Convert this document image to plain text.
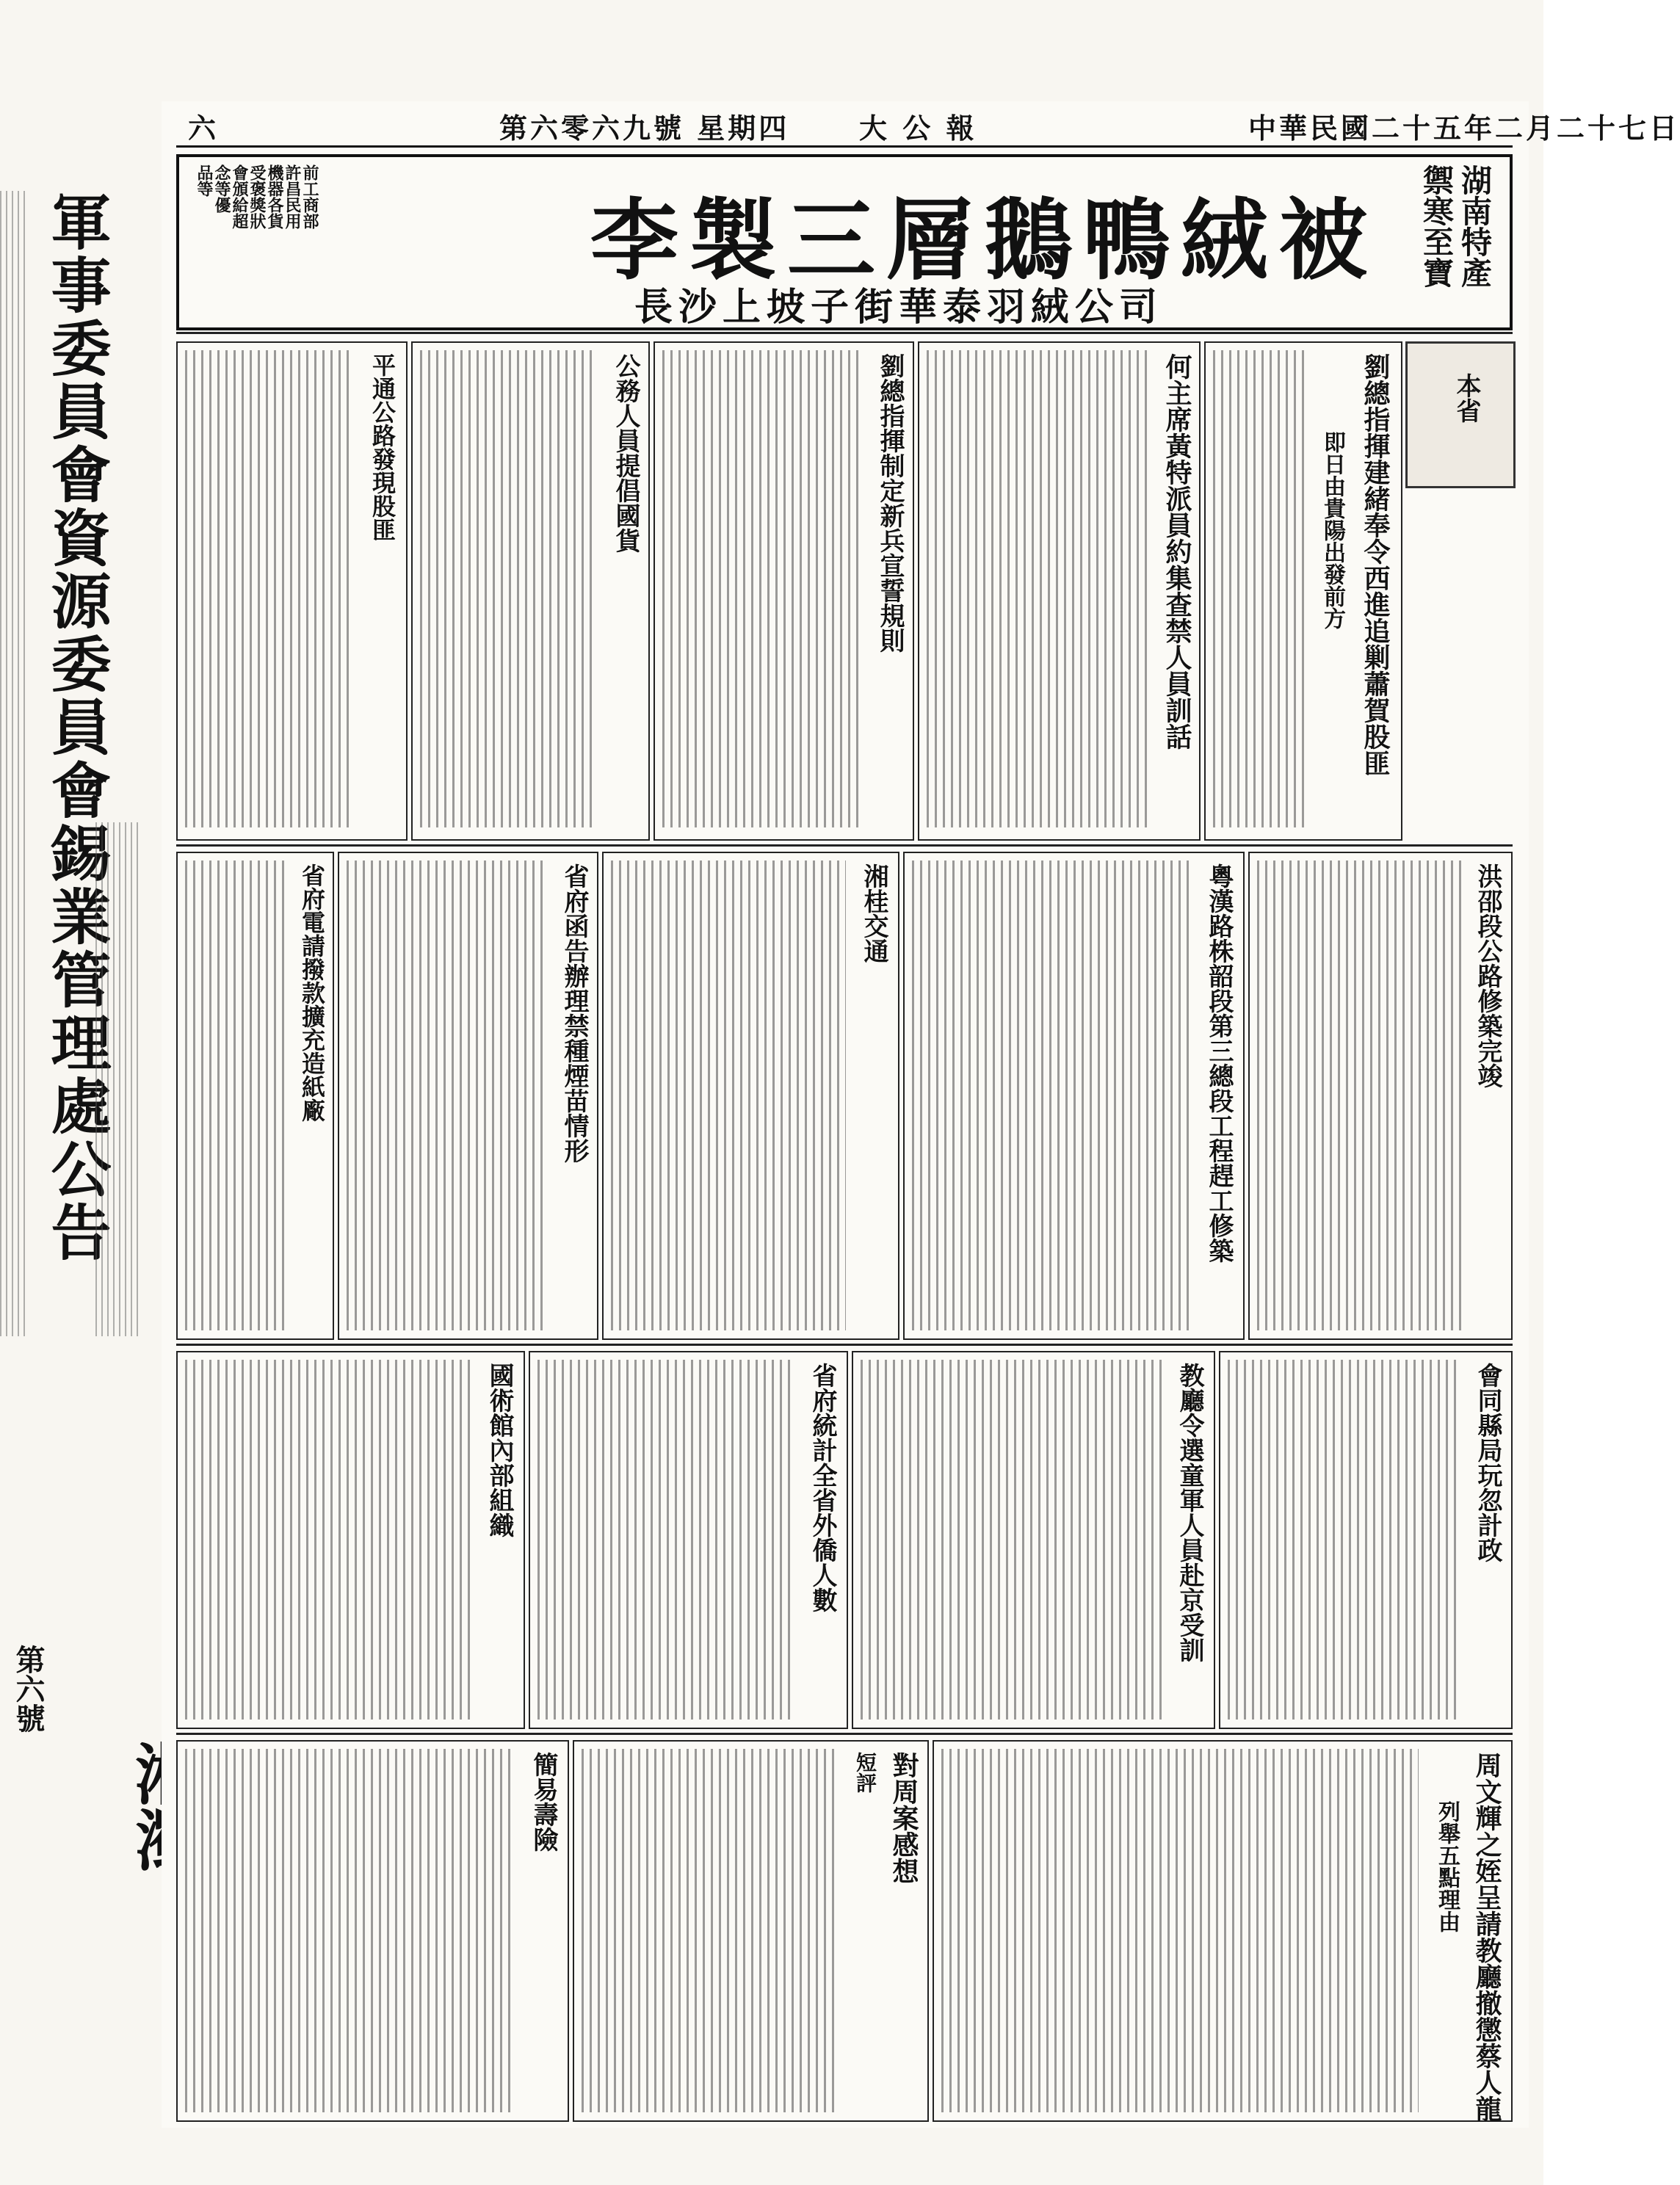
軍事委員會資源委員會錫業管理處公告
第六號
中華民國二十五年二月二十七日
大 公 報
第六零六九號 星期四
六
前工商部
許昌民用
機器各貨
受褒獎狀
會頒給超
念等優
品等
李製三層鵝鴨絨被
長沙上坡子街華泰羽絨公司
湖南特產
禦寒至寶
本省
劉總指揮建緒奉令西進追剿蕭賀股匪
即日由貴陽出發前方
何主席黃特派員約集查禁人員訓話
劉總指揮制定新兵宣誓規則
公務人員提倡國貨
平通公路發現股匪
洪邵段公路修築完竣
粵漢路株韶段第三總段工程趕工修築
湘桂交通
省府函告辦理禁種煙苗情形
省府電請撥款擴充造紙廠
會同縣局玩忽計政
教廳令選童軍人員赴京受訓
省府統計全省外僑人數
國術館內部組織
周文輝之姪呈請教廳撤懲蔡人龍
列舉五點理由
對周案感想
短評
簡易壽險
